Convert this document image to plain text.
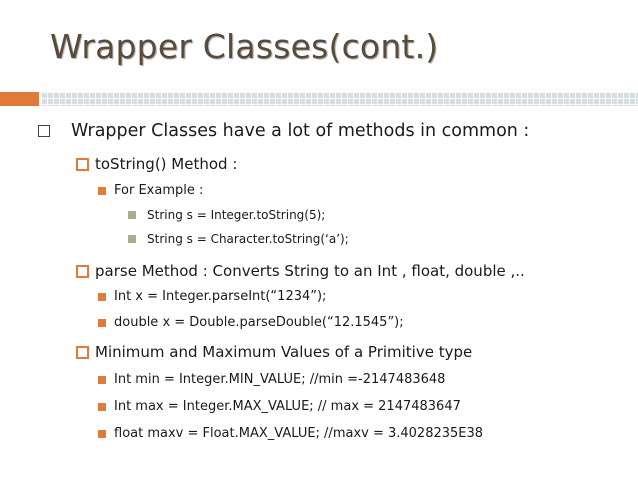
Wrapper Classes(cont.)
Wrapper Classes have a lot of methods in common :
toString() Method :
For Example :
String s = Integer.toString(5);
String s = Character.toString(‘a’);
parse Method : Converts String to an Int , float, double ,..
Int x = Integer.parseInt(“1234”);
double x = Double.parseDouble(“12.1545”);
Minimum and Maximum Values of a Primitive type
Int min = Integer.MIN_VALUE; //min =-2147483648
Int max = Integer.MAX_VALUE; // max = 2147483647
float maxv = Float.MAX_VALUE; //maxv = 3.4028235E38
